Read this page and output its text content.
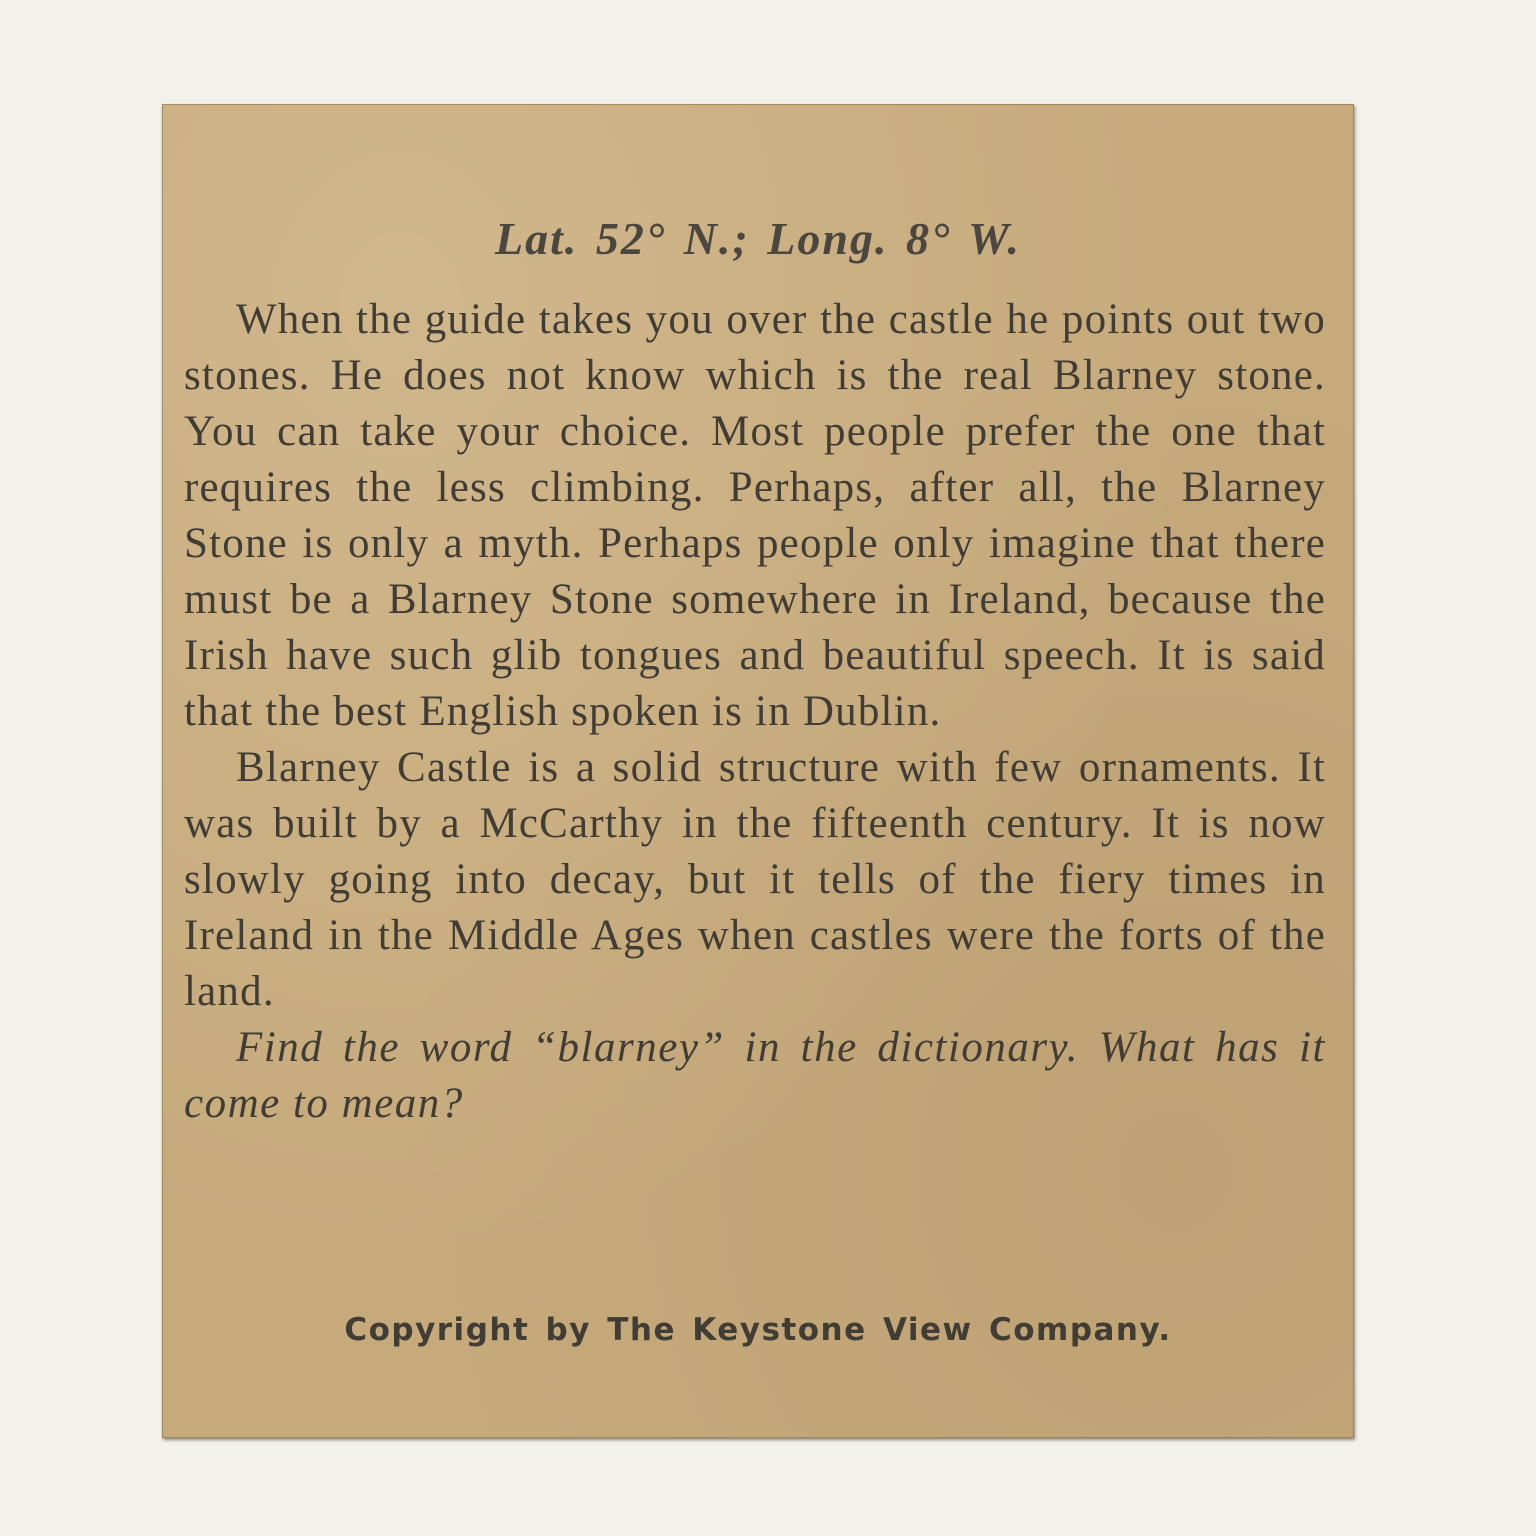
Lat. 52° N.; Long. 8° W.

When the guide takes you over the castle he points out two stones. He does not know which is the real Blarney stone. You can take your choice. Most people prefer the one that requires the less climbing. Perhaps, after all, the Blarney Stone is only a myth. Perhaps people only imagine that there must be a Blarney Stone somewhere in Ireland, because the Irish have such glib tongues and beautiful speech. It is said that the best English spoken is in Dublin.

Blarney Castle is a solid structure with few ornaments. It was built by a McCarthy in the fifteenth century. It is now slowly going into decay, but it tells of the fiery times in Ireland in the Middle Ages when castles were the forts of the land.

Find the word “blarney” in the dictionary. What has it come to mean?

Copyright by The Keystone View Company.
